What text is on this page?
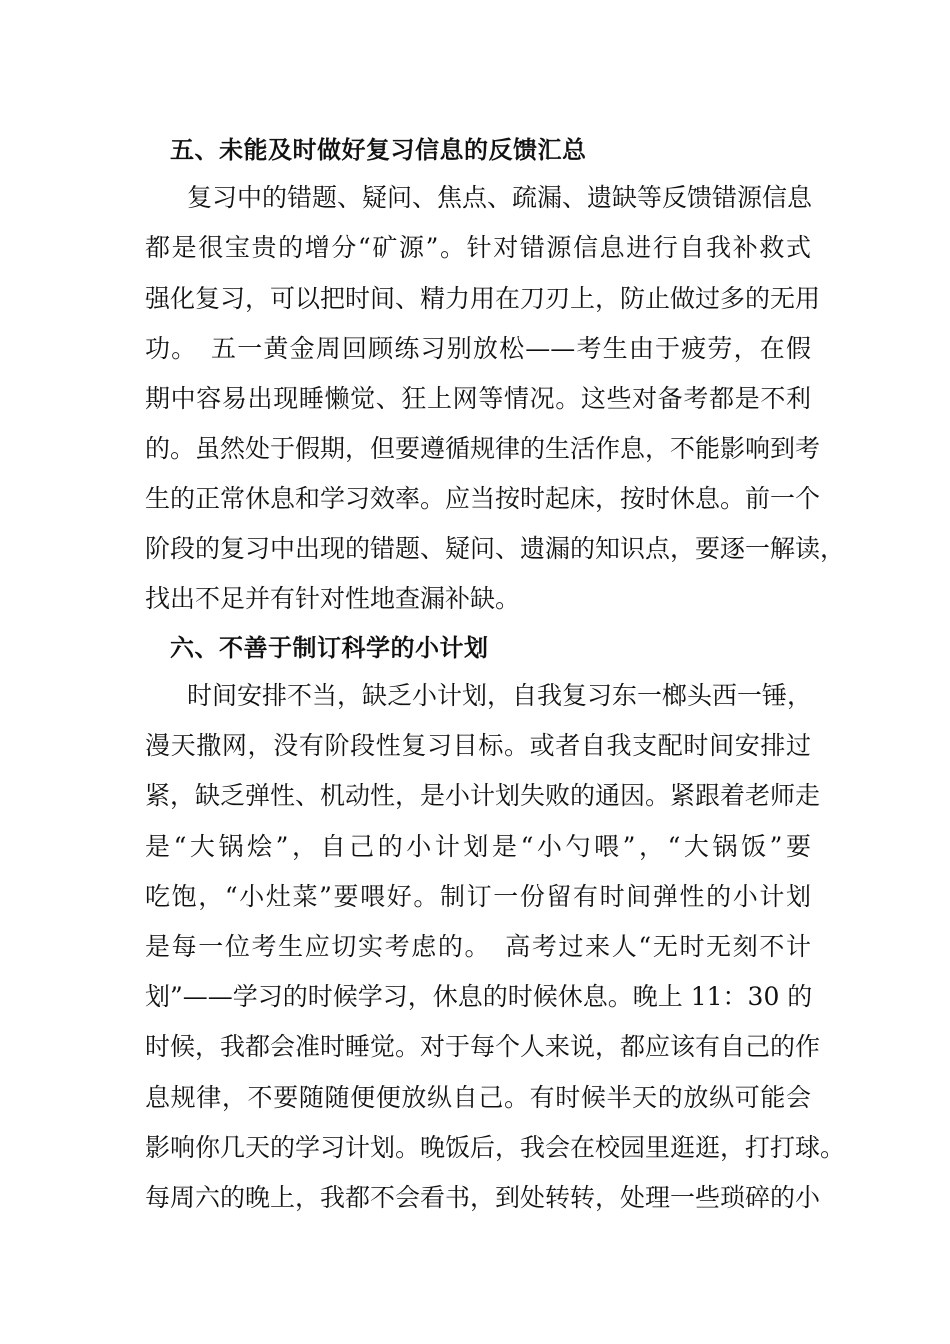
五、未能及时做好复习信息的反馈汇总
复习中的错题、疑问、焦点、疏漏、遗缺等反馈错源信息
都是很宝贵的增分“矿源”。针对错源信息进行自我补救式
强化复习，可以把时间、精力用在刀刃上，防止做过多的无用
功。　五一黄金周回顾练习别放松——考生由于疲劳，在假
期中容易出现睡懒觉、狂上网等情况。这些对备考都是不利
的。虽然处于假期，但要遵循规律的生活作息，不能影响到考
生的正常休息和学习效率。应当按时起床，按时休息。前一个
阶段的复习中出现的错题、疑问、遗漏的知识点，要逐一解读，
找出不足并有针对性地查漏补缺。
六、不善于制订科学的小计划
时间安排不当，缺乏小计划，自我复习东一榔头西一锤，
漫天撒网，没有阶段性复习目标。或者自我支配时间安排过
紧，缺乏弹性、机动性，是小计划失败的通因。紧跟着老师走
是“大锅烩”，自己的小计划是“小勺喂”，“大锅饭”要
吃饱，“小灶菜”要喂好。制订一份留有时间弹性的小计划
是每一位考生应切实考虑的。　高考过来人“无时无刻不计
划”——学习的时候学习，休息的时候休息。晚上 11：30 的
时候，我都会准时睡觉。对于每个人来说，都应该有自己的作
息规律，不要随随便便放纵自己。有时候半天的放纵可能会
影响你几天的学习计划。晚饭后，我会在校园里逛逛，打打球。
每周六的晚上，我都不会看书，到处转转，处理一些琐碎的小
